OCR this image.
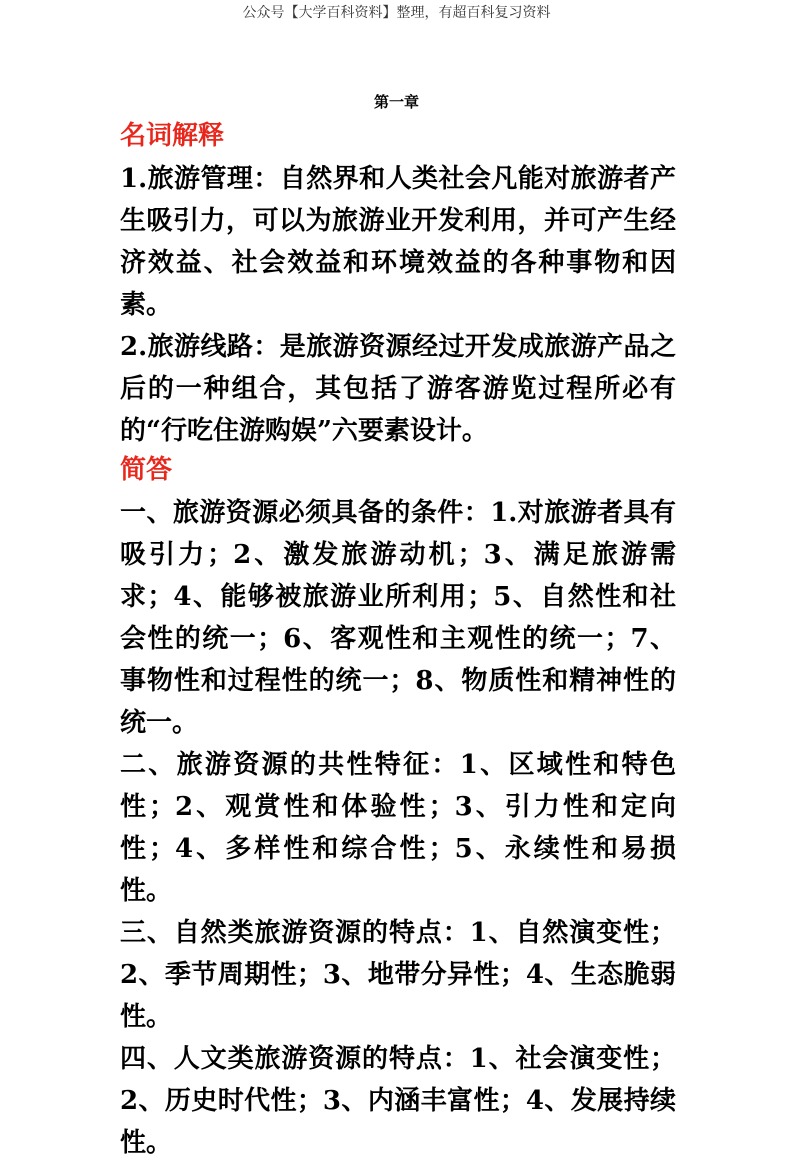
公众号【大学百科资料】整理，有超百科复习资料
第一章
名词解释

1.旅游管理：自然界和人类社会凡能对旅游者产生吸引力，可以为旅游业开发利用，并可产生经济效益、社会效益和环境效益的各种事物和因素。

2.旅游线路：是旅游资源经过开发成旅游产品之后的一种组合，其包括了游客游览过程所必有的“行吃住游购娱”六要素设计。

简答

一、旅游资源必须具备的条件：1.对旅游者具有吸引力；2、激发旅游动机；3、满足旅游需求；4、能够被旅游业所利用；5、自然性和社会性的统一；6、客观性和主观性的统一；7、事物性和过程性的统一；8、物质性和精神性的统一。

二、旅游资源的共性特征：1、区域性和特色性；2、观赏性和体验性；3、引力性和定向性；4、多样性和综合性；5、永续性和易损性。

三、自然类旅游资源的特点：1、自然演变性；2、季节周期性；3、地带分异性；4、生态脆弱性。

四、人文类旅游资源的特点：1、社会演变性；2、历史时代性；3、内涵丰富性；4、发展持续性。
